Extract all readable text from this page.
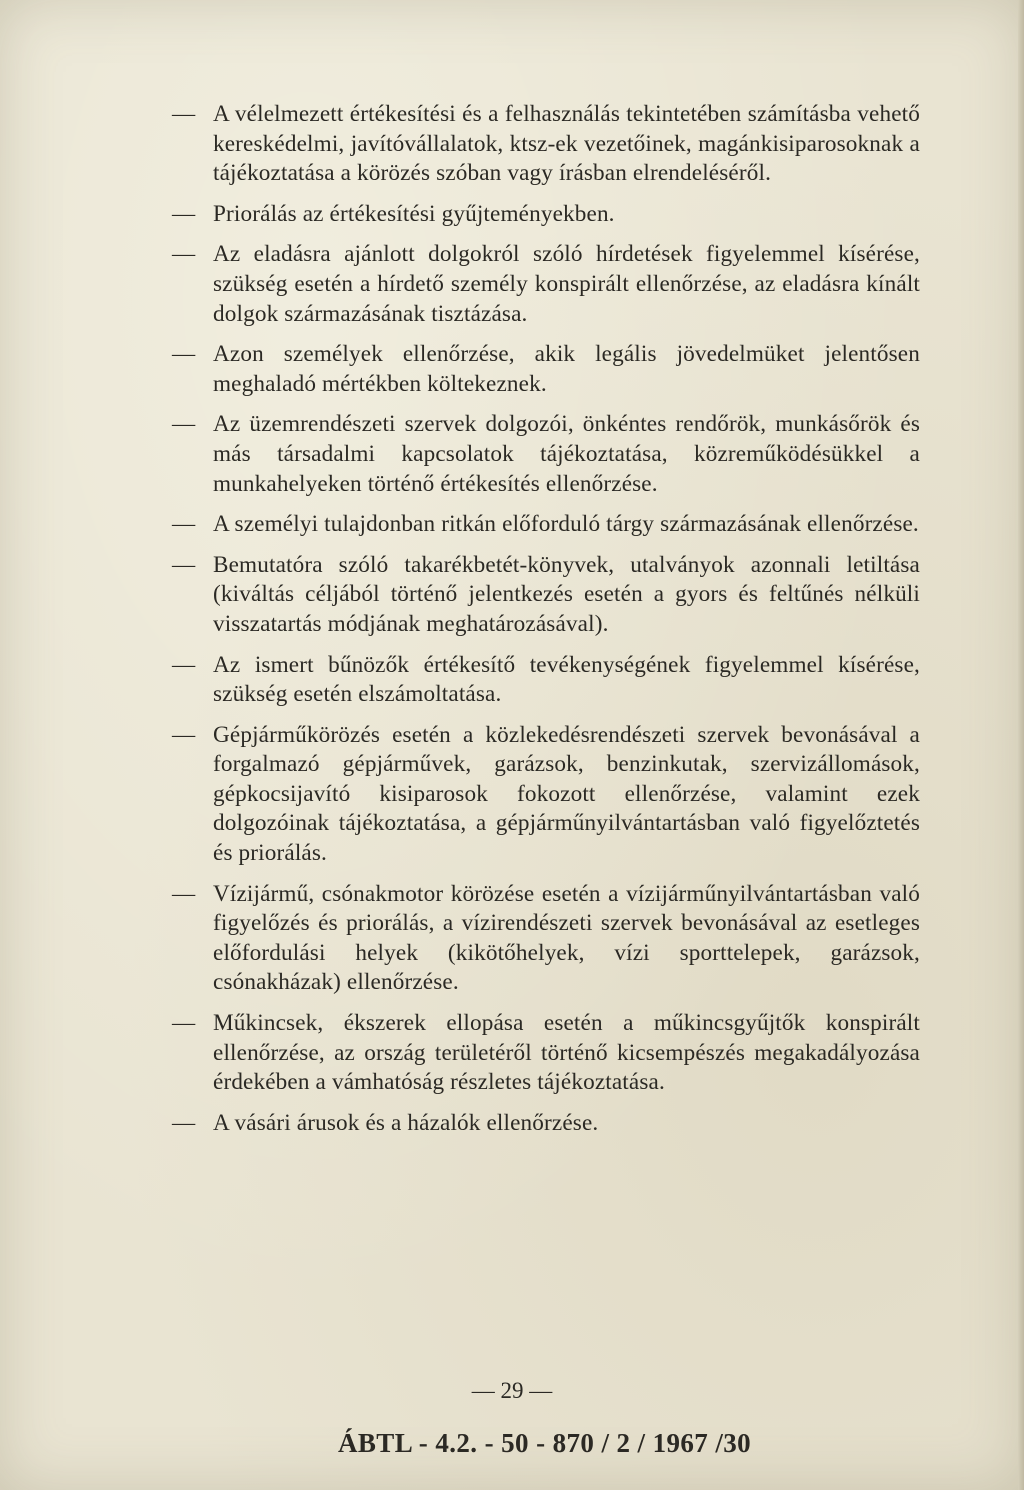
— A vélelmezett értékesítési és a felhasználás tekintetében számításba vehető kereskédelmi, javítóvállalatok, ktsz-ek vezetőinek, magánkisiparosoknak a tájékoztatása a körözés szóban vagy írásban elrendeléséről.
— Priorálás az értékesítési gyűjteményekben.
— Az eladásra ajánlott dolgokról szóló hírdetések figyelemmel kísérése, szükség esetén a hírdető személy konspirált ellenőrzése, az eladásra kínált dolgok származásának tisztázása.
— Azon személyek ellenőrzése, akik legális jövedelmüket jelentősen meghaladó mértékben költekeznek.
— Az üzemrendészeti szervek dolgozói, önkéntes rendőrök, munkásőrök és más társadalmi kapcsolatok tájékoztatása, közreműködésükkel a munkahelyeken történő értékesítés ellenőrzése.
— A személyi tulajdonban ritkán előforduló tárgy származásának ellenőrzése.
— Bemutatóra szóló takarékbetét-könyvek, utalványok azonnali letiltása (kiváltás céljából történő jelentkezés esetén a gyors és feltűnés nélküli visszatartás módjának meghatározásával).
— Az ismert bűnözők értékesítő tevékenységének figyelemmel kísérése, szükség esetén elszámoltatása.
— Gépjárműkörözés esetén a közlekedésrendészeti szervek bevonásával a forgalmazó gépjárművek, garázsok, benzinkutak, szervizállomások, gépkocsijavító kisiparosok fokozott ellenőrzése, valamint ezek dolgozóinak tájékoztatása, a gépjárműnyilvántartásban való figyelőztetés és priorálás.
— Vízijármű, csónakmotor körözése esetén a vízijárműnyilvántartásban való figyelőzés és priorálás, a vízirendészeti szervek bevonásával az esetleges előfordulási helyek (kikötőhelyek, vízi sporttelepek, garázsok, csónakházak) ellenőrzése.
— Műkincsek, ékszerek ellopása esetén a műkincsgyűjtők konspirált ellenőrzése, az ország területéről történő kicsempészés megakadályozása érdekében a vámhatóság részletes tájékoztatása.
— A vásári árusok és a házalók ellenőrzése.
— 29 —
ÁBTL - 4.2. - 50 - 870 / 2 / 1967 /30
